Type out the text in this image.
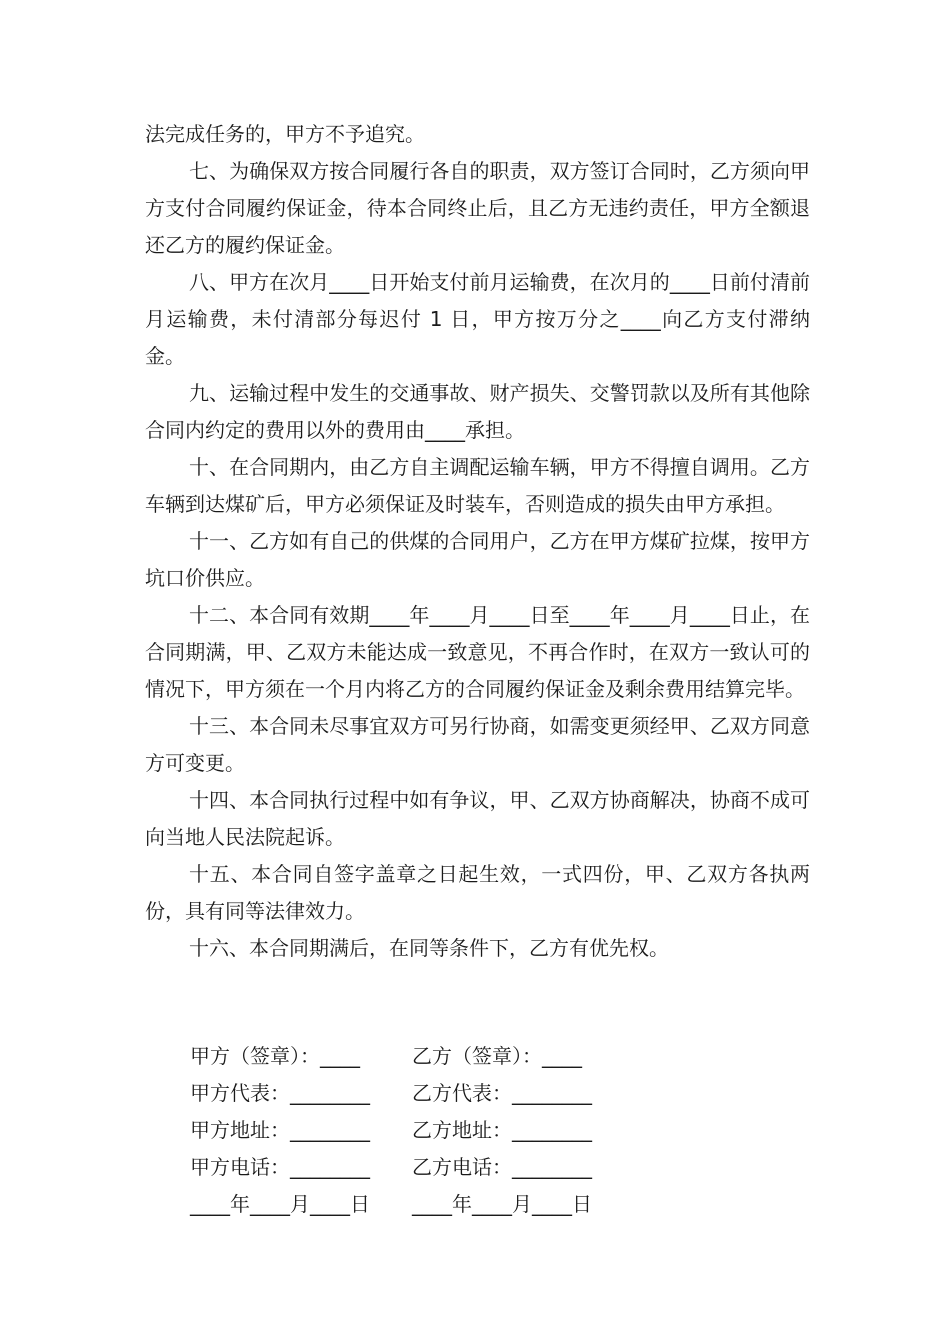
法完成任务的，甲方不予追究。

七、为确保双方按合同履行各自的职责，双方签订合同时，乙方须向甲方支付合同履约保证金，待本合同终止后，且乙方无违约责任，甲方全额退还乙方的履约保证金。

八、甲方在次月____日开始支付前月运输费，在次月的____日前付清前月运输费，未付清部分每迟付 1 日，甲方按万分之____向乙方支付滞纳金。

九、运输过程中发生的交通事故、财产损失、交警罚款以及所有其他除合同内约定的费用以外的费用由____承担。

十、在合同期内，由乙方自主调配运输车辆，甲方不得擅自调用。乙方车辆到达煤矿后，甲方必须保证及时装车，否则造成的损失由甲方承担。

十一、乙方如有自己的供煤的合同用户，乙方在甲方煤矿拉煤，按甲方坑口价供应。

十二、本合同有效期____年____月____日至____年____月____日止，在合同期满，甲、乙双方未能达成一致意见，不再合作时，在双方一致认可的情况下，甲方须在一个月内将乙方的合同履约保证金及剩余费用结算完毕。

十三、本合同未尽事宜双方可另行协商，如需变更须经甲、乙双方同意方可变更。

十四、本合同执行过程中如有争议，甲、乙双方协商解决，协商不成可向当地人民法院起诉。

十五、本合同自签字盖章之日起生效，一式四份，甲、乙双方各执两份，具有同等法律效力。

十六、本合同期满后，在同等条件下，乙方有优先权。

甲方（签章）：____	乙方（签章）：____
甲方代表：________	乙方代表：________
甲方地址：________	乙方地址：________
甲方电话：________	乙方电话：________
____年____月____日	____年____月____日
